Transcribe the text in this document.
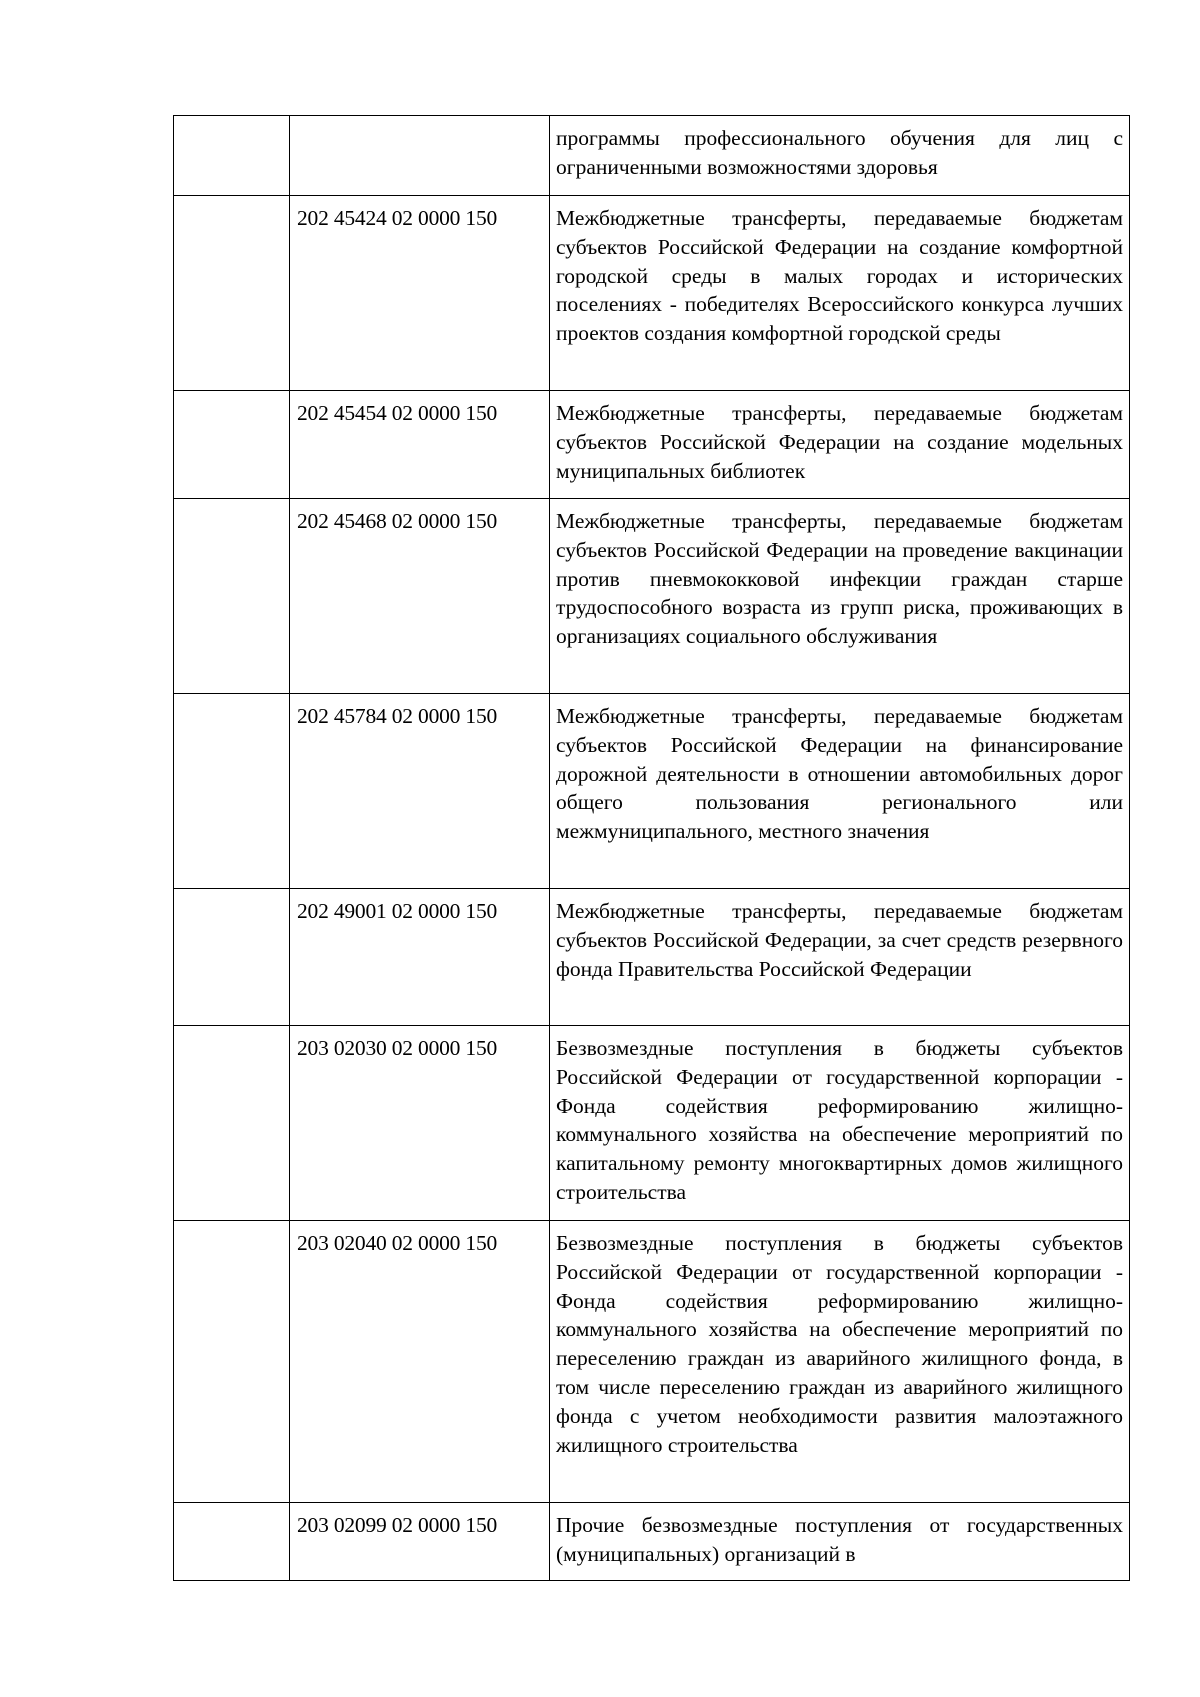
		программы профессионального обучения для лиц с ограниченными возможностями здоровья

	202 45424 02 0000 150	Межбюджетные трансферты, передаваемые бюджетам субъектов Российской Федерации на создание комфортной городской среды в малых городах и исторических поселениях - победителях Всероссийского конкурса лучших проектов создания комфортной городской среды

	202 45454 02 0000 150	Межбюджетные трансферты, передаваемые бюджетам субъектов Российской Федерации на создание модельных муниципальных библиотек

	202 45468 02 0000 150	Межбюджетные трансферты, передаваемые бюджетам субъектов Российской Федерации на проведение вакцинации против пневмококковой инфекции граждан старше трудоспособного возраста из групп риска, проживающих в организациях социального обслуживания

	202 45784 02 0000 150	Межбюджетные трансферты, передаваемые бюджетам субъектов Российской Федерации на финансирование дорожной деятельности в отношении автомобильных дорог общего пользования регионального или межмуниципального, местного значения

	202 49001 02 0000 150	Межбюджетные трансферты, передаваемые бюджетам субъектов Российской Федерации, за счет средств резервного фонда Правительства Российской Федерации

	203 02030 02 0000 150	Безвозмездные поступления в бюджеты субъектов Российской Федерации от государственной корпорации - Фонда содействия реформированию жилищно-коммунального хозяйства на обеспечение мероприятий по капитальному ремонту многоквартирных домов жилищного строительства

	203 02040 02 0000 150	Безвозмездные поступления в бюджеты субъектов Российской Федерации от государственной корпорации - Фонда содействия реформированию жилищно-коммунального хозяйства на обеспечение мероприятий по переселению граждан из аварийного жилищного фонда, в том числе переселению граждан из аварийного жилищного фонда с учетом необходимости развития малоэтажного жилищного строительства

	203 02099 02 0000 150	Прочие безвозмездные поступления от государственных (муниципальных) организаций в
